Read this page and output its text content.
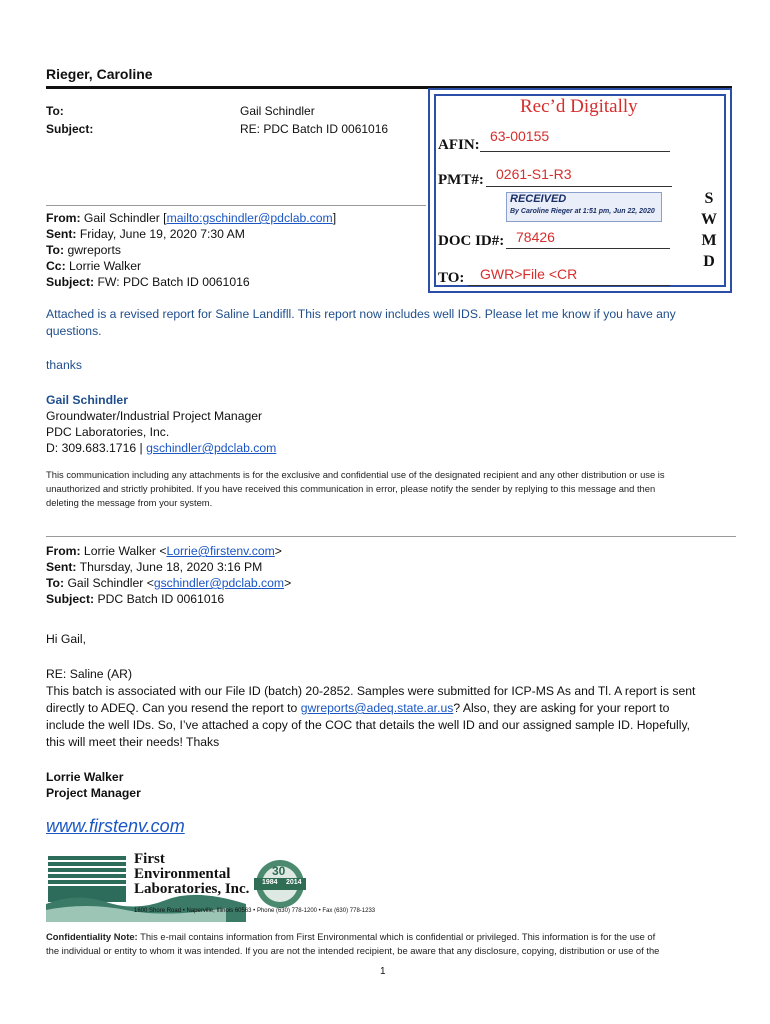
Rieger, Caroline
To:	Gail Schindler
Subject:	RE: PDC Batch ID 0061016
Rec’d Digitally
AFIN:
63-00155
PMT#: 0261-S1-R3
RECEIVED
By Caroline Rieger at 1:51 pm, Jun 22, 2020
DOC ID#: 78426
TO: GWR>File <CR
S
W
M
D
From: Gail Schindler [mailto:gschindler@pdclab.com]
Sent: Friday, June 19, 2020 7:30 AM
To: gwreports
Cc: Lorrie Walker
Subject: FW: PDC Batch ID 0061016
Attached is a revised report for Saline Landifll. This report now includes well IDS. Please let me know if you have any
questions.
thanks
Gail Schindler
Groundwater/Industrial Project Manager
PDC Laboratories, Inc.
D: 309.683.1716 | gschindler@pdclab.com
This communication including any attachments is for the exclusive and confidential use of the designated recipient and any other distribution or use is
unauthorized and strictly prohibited. If you have received this communication in error, please notify the sender by replying to this message and then
deleting the message from your system.
From: Lorrie Walker <Lorrie@firstenv.com>
Sent: Thursday, June 18, 2020 3:16 PM
To: Gail Schindler <gschindler@pdclab.com>
Subject: PDC Batch ID 0061016
Hi Gail,
RE: Saline (AR)
This batch is associated with our File ID (batch) 20-2852. Samples were submitted for ICP-MS As and Tl. A report is sent
directly to ADEQ. Can you resend the report to gwreports@adeq.state.ar.us? Also, they are asking for your report to
include the well IDs. So, I’ve attached a copy of the COC that details the well ID and our assigned sample ID. Hopefully,
this will meet their needs! Thaks
Lorrie Walker
Project Manager
www.firstenv.com
First
Environmental
Laboratories, Inc. 1984 2014
30
1600 Shore Road • Naperville, Illinois 60563 • Phone (630) 778-1200 • Fax (630) 778-1233
Confidentiality Note: This e-mail contains information from First Environmental which is confidential or privileged. This information is for the use of
the individual or entity to whom it was intended. If you are not the intended recipient, be aware that any disclosure, copying, distribution or use of the
1
